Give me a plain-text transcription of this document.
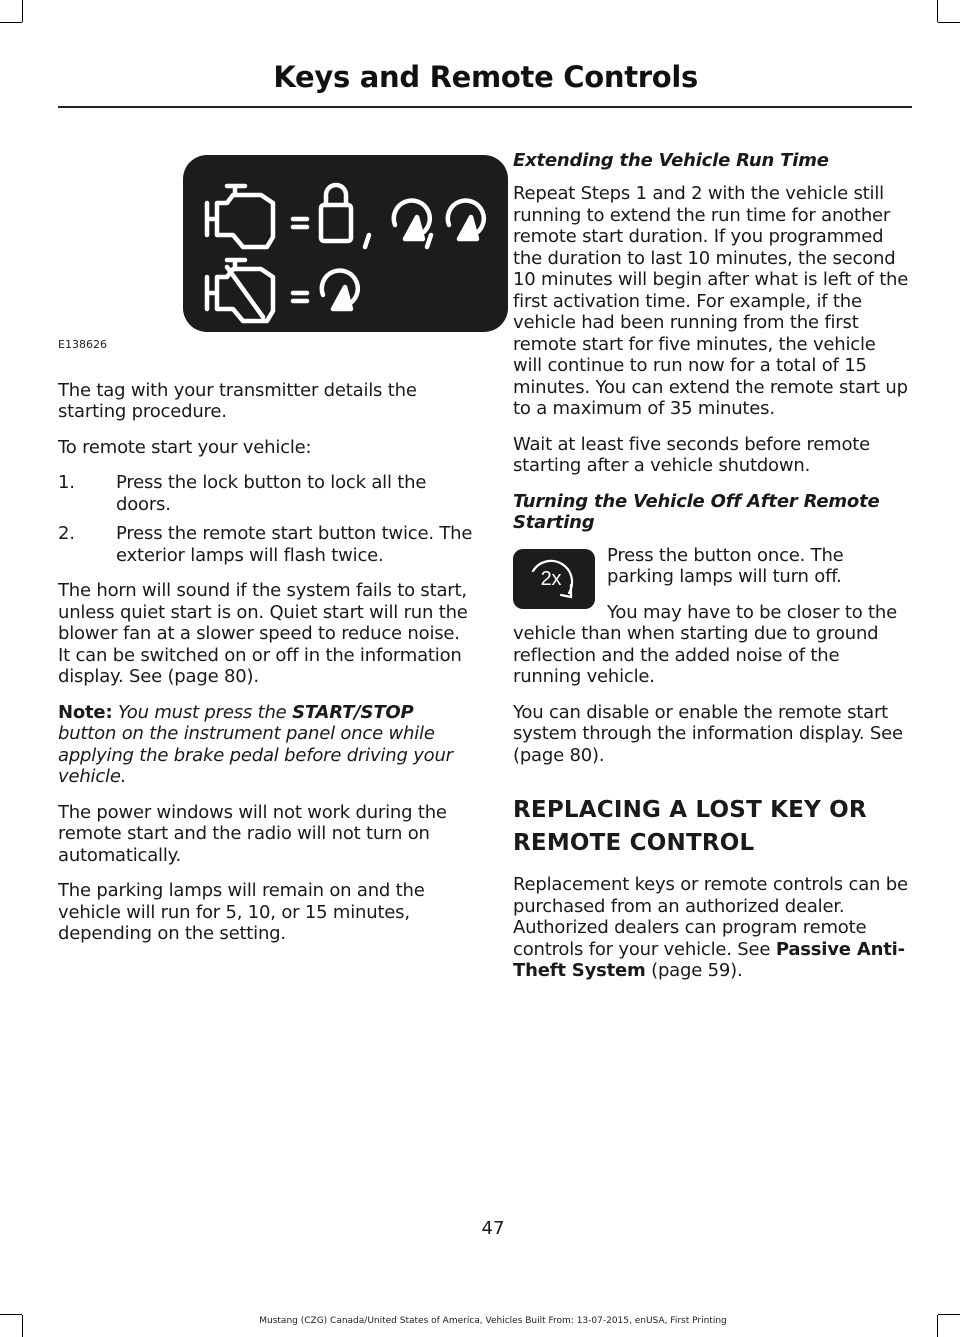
Keys and Remote Controls
E138626

The tag with your transmitter details the starting procedure.

To remote start your vehicle:

1. Press the lock button to lock all the doors.
2. Press the remote start button twice. The exterior lamps will flash twice.

The horn will sound if the system fails to start, unless quiet start is on. Quiet start will run the blower fan at a slower speed to reduce noise. It can be switched on or off in the information display. See (page 80).

Note: You must press the START/STOP button on the instrument panel once while applying the brake pedal before driving your vehicle.

The power windows will not work during the remote start and the radio will not turn on automatically.

The parking lamps will remain on and the vehicle will run for 5, 10, or 15 minutes, depending on the setting.

Extending the Vehicle Run Time

Repeat Steps 1 and 2 with the vehicle still running to extend the run time for another remote start duration. If you programmed the duration to last 10 minutes, the second 10 minutes will begin after what is left of the first activation time. For example, if the vehicle had been running from the first remote start for five minutes, the vehicle will continue to run now for a total of 15 minutes. You can extend the remote start up to a maximum of 35 minutes.

Wait at least five seconds before remote starting after a vehicle shutdown.

Turning the Vehicle Off After Remote Starting
2x

Press the button once. The parking lamps will turn off.

You may have to be closer to the vehicle than when starting due to ground reflection and the added noise of the running vehicle.

You can disable or enable the remote start system through the information display. See (page 80).

REPLACING A LOST KEY OR
REMOTE CONTROL

Replacement keys or remote controls can be purchased from an authorized dealer. Authorized dealers can program remote controls for your vehicle. See Passive Anti-Theft System (page 59).

47
Mustang (CZG) Canada/United States of America, Vehicles Built From: 13-07-2015, enUSA, First Printing
